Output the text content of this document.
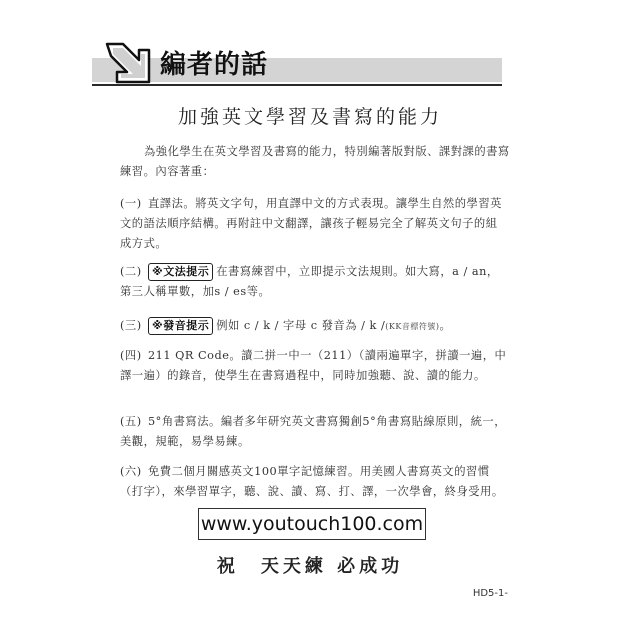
編者的話
加強英文學習及書寫的能力
為強化學生在英文學習及書寫的能力，特別編著版對版、課對課的書寫練習。內容著重：
(一) 直譯法。將英文字句，用直譯中文的方式表現。讓學生自然的學習英文的語法順序結構。再附註中文翻譯，讓孩子輕易完全了解英文句子的組成方式。
(二) ※文法提示 在書寫練習中，立即提示文法規則。如大寫，a / an，第三人稱單數，加s / es等。
(三) ※發音提示 例如 c / k / 字母 c 發音為 / k /(KK音標符號)。
(四) 211 QR Code。讀二拼一中一（211）（讀兩遍單字，拼讀一遍，中譯一遍）的錄音，使學生在書寫過程中，同時加強聽、說、讀的能力。
(五) 5°角書寫法。編者多年研究英文書寫獨創5°角書寫貼線原則，統一，美觀，規範，易學易練。
(六) 免費二個月關感英文100單字記憶練習。用美國人書寫英文的習慣（打字），來學習單字，聽、說、讀、寫、打、譯，一次學會，終身受用。
www.youtouch100.com
祝　天天練 必成功
HD5-1-
